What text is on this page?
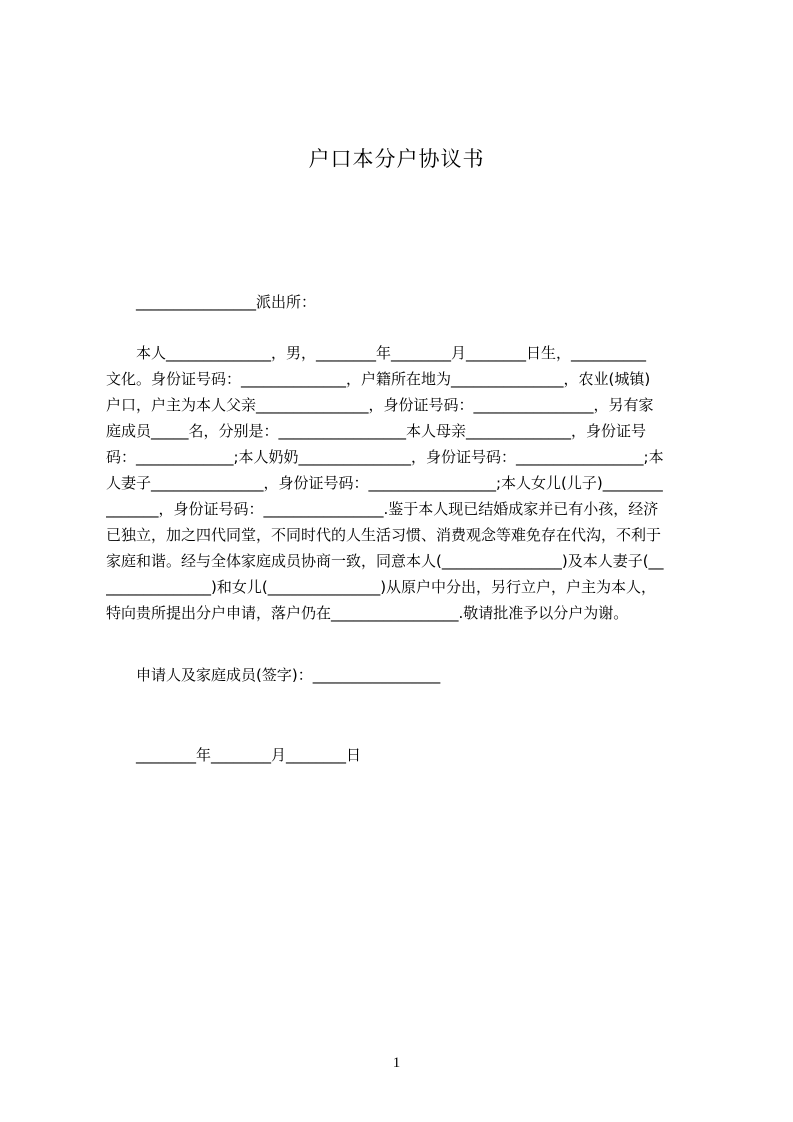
户口本分户协议书
________________派出所：
　　本人______________，男，________年________月________日生，__________
文化。身份证号码：______________，户籍所在地为_______________，农业(城镇)
户口，户主为本人父亲_______________，身份证号码：________________，另有家
庭成员_____名，分别是：_________________本人母亲______________，身份证号
码：_____________;本人奶奶_______________，身份证号码：_________________;本
人妻子_______________，身份证号码：_________________;本人女儿(儿子)________
_______，身份证号码：________________.鉴于本人现已结婚成家并已有小孩，经济
已独立，加之四代同堂，不同时代的人生活习惯、消费观念等难免存在代沟，不利于
家庭和谐。经与全体家庭成员协商一致，同意本人(________________)及本人妻子(__
______________)和女儿(_______________)从原户中分出，另行立户，户主为本人，
特向贵所提出分户申请，落户仍在_________________.敬请批准予以分户为谢。
申请人及家庭成员(签字)：_________________
________年________月________日
1
